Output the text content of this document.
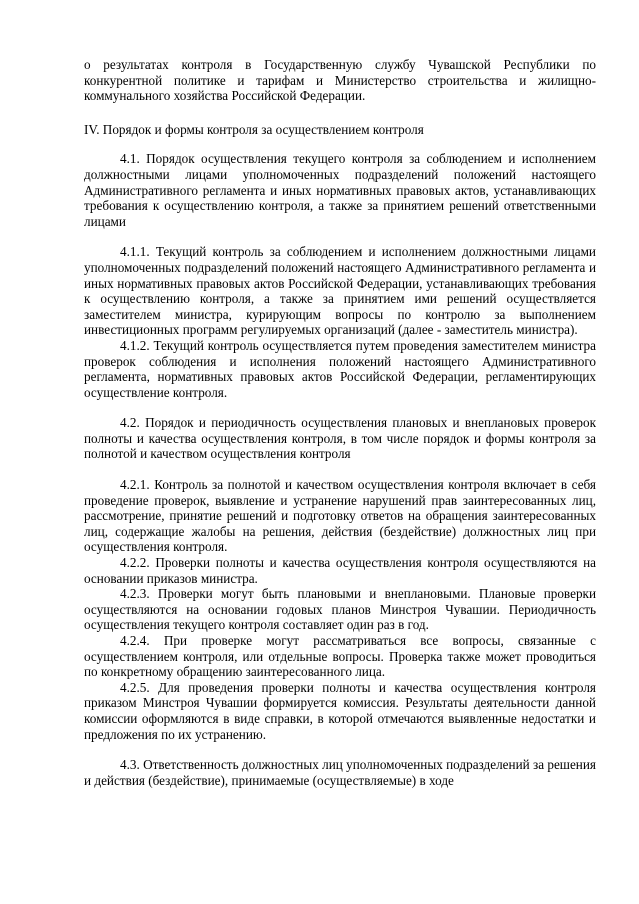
о результатах контроля в Государственную службу Чувашской Республики по конкурентной политике и тарифам и Министерство строительства и жилищно-коммунального хозяйства Российской Федерации.

IV. Порядок и формы контроля за осуществлением контроля

4.1. Порядок осуществления текущего контроля за соблюдением и исполнением должностными лицами уполномоченных подразделений положений настоящего Административного регламента и иных нормативных правовых актов, устанавливающих требования к осуществлению контроля, а также за принятием решений ответственными лицами

4.1.1. Текущий контроль за соблюдением и исполнением должностными лицами уполномоченных подразделений положений настоящего Административного регламента и иных нормативных правовых актов Российской Федерации, устанавливающих требования к осуществлению контроля, а также за принятием ими решений осуществляется заместителем министра, курирующим вопросы по контролю за выполнением инвестиционных программ регулируемых организаций (далее - заместитель министра).

4.1.2. Текущий контроль осуществляется путем проведения заместителем министра проверок соблюдения и исполнения положений настоящего Административного регламента, нормативных правовых актов Российской Федерации, регламентирующих осуществление контроля.

4.2. Порядок и периодичность осуществления плановых и внеплановых проверок полноты и качества осуществления контроля, в том числе порядок и формы контроля за полнотой и качеством осуществления контроля

4.2.1. Контроль за полнотой и качеством осуществления контроля включает в себя проведение проверок, выявление и устранение нарушений прав заинтересованных лиц, рассмотрение, принятие решений и подготовку ответов на обращения заинтересованных лиц, содержащие жалобы на решения, действия (бездействие) должностных лиц при осуществления контроля.

4.2.2. Проверки полноты и качества осуществления контроля осуществляются на основании приказов министра.

4.2.3. Проверки могут быть плановыми и внеплановыми. Плановые проверки осуществляются на основании годовых планов Минстроя Чувашии. Периодичность осуществления текущего контроля составляет один раз в год.

4.2.4. При проверке могут рассматриваться все вопросы, связанные с осуществлением контроля, или отдельные вопросы. Проверка также может проводиться по конкретному обращению заинтересованного лица.

4.2.5. Для проведения проверки полноты и качества осуществления контроля приказом Минстроя Чувашии формируется комиссия. Результаты деятельности данной комиссии оформляются в виде справки, в которой отмечаются выявленные недостатки и предложения по их устранению.

4.3. Ответственность должностных лиц уполномоченных подразделений за решения и действия (бездействие), принимаемые (осуществляемые) в ходе
